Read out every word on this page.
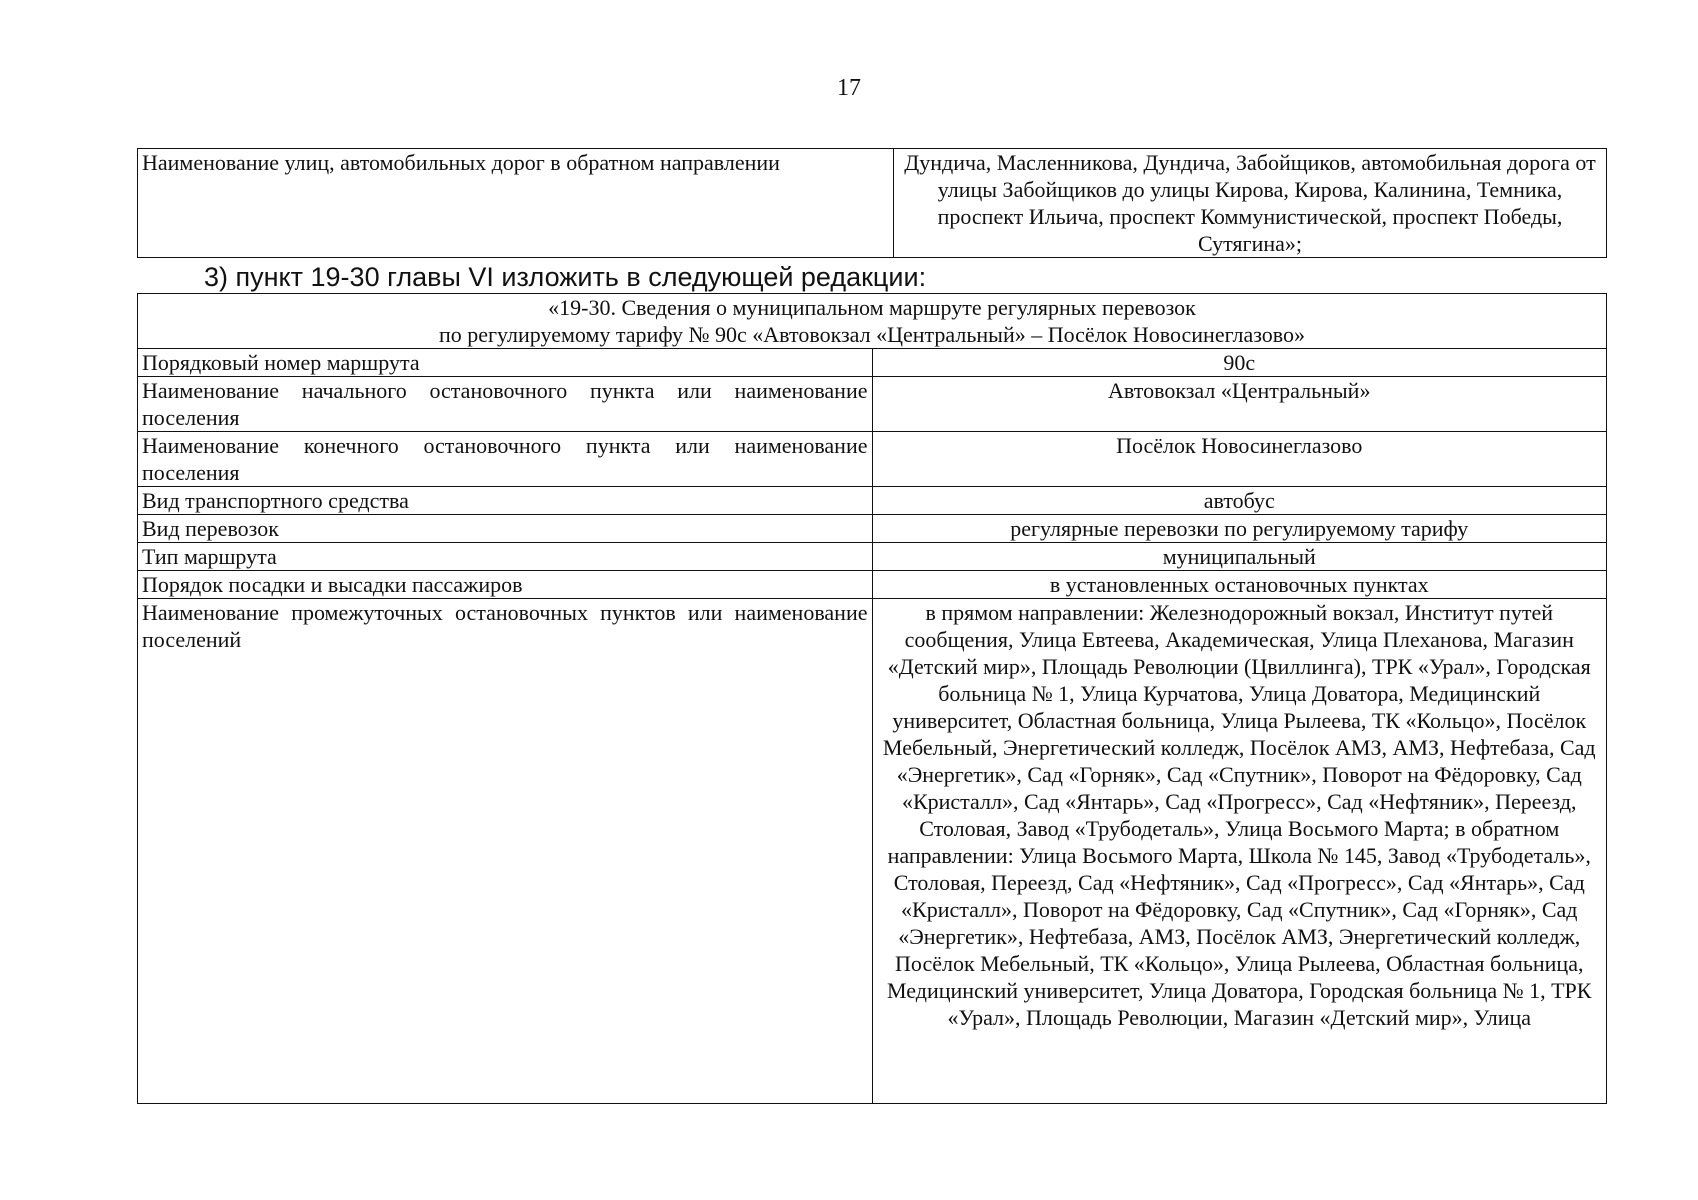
17
Наименование улиц, автомобильных дорог в обратном направлении	Дундича, Масленникова, Дундича, Забойщиков, автомобильная дорога от улицы Забойщиков до улицы Кирова, Кирова, Калинина, Темника, проспект Ильича, проспект Коммунистической, проспект Победы, Сутягина»;
3) пункт 19-30 главы VI изложить в следующей редакции:
«19-30. Сведения о муниципальном маршруте регулярных перевозок
по регулируемому тарифу № 90с «Автовокзал «Центральный» – Посёлок Новосинеглазово»	

Порядковый номер маршрута	90с
Наименование начального остановочного пункта или наименование поселения	Автовокзал «Центральный»
Наименование конечного остановочного пункта или наименование поселения	Посёлок Новосинеглазово
Вид транспортного средства	автобус
Вид перевозок	регулярные перевозки по регулируемому тарифу
Тип маршрута	муниципальный
Порядок посадки и высадки пассажиров	в установленных остановочных пунктах
Наименование промежуточных остановочных пунктов или наименование поселений	в прямом направлении: Железнодорожный вокзал, Институт путей сообщения, Улица Евтеева, Академическая, Улица Плеханова, Магазин «Детский мир», Площадь Революции (Цвиллинга), ТРК «Урал», Городская больница № 1, Улица Курчатова, Улица Доватора, Медицинский университет, Областная больница, Улица Рылеева, ТК «Кольцо», Посёлок Мебельный, Энергетический колледж, Посёлок АМЗ, АМЗ, Нефтебаза, Сад «Энергетик», Сад «Горняк», Сад «Спутник», Поворот на Фёдоровку, Сад «Кристалл», Сад «Янтарь», Сад «Прогресс», Сад «Нефтяник», Переезд, Столовая, Завод «Трубодеталь», Улица Восьмого Марта; в обратном направлении: Улица Восьмого Марта, Школа № 145, Завод «Трубодеталь», Столовая, Переезд, Сад «Нефтяник», Сад «Прогресс», Сад «Янтарь», Сад «Кристалл», Поворот на Фёдоровку, Сад «Спутник», Сад «Горняк», Сад «Энергетик», Нефтебаза, АМЗ, Посёлок АМЗ, Энергетический колледж, Посёлок Мебельный, ТК «Кольцо», Улица Рылеева, Областная больница, Медицинский университет, Улица Доватора, Городская больница № 1, ТРК «Урал», Площадь Революции, Магазин «Детский мир», Улица
